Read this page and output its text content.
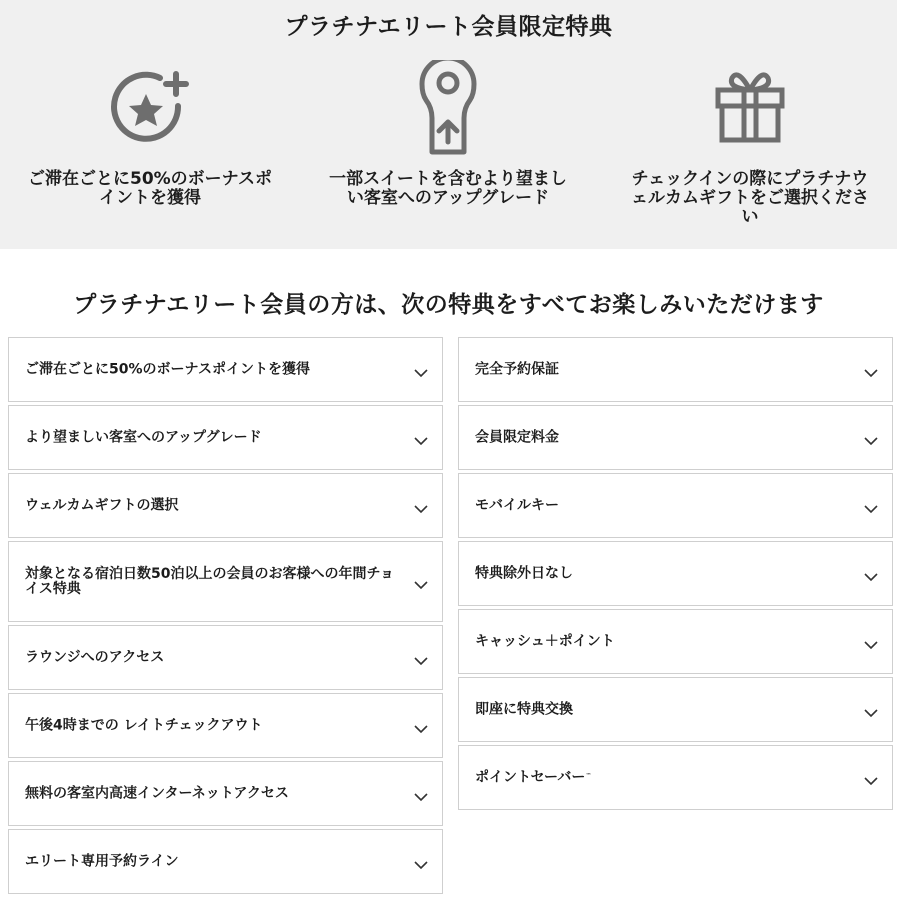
プラチナエリート会員限定特典
ご滞在ごとに50%のボーナスポイントを獲得
一部スイートを含むより望ましい客室へのアップグレード
チェックインの際にプラチナウェルカムギフトをご選択ください
プラチナエリート会員の方は、次の特典をすべてお楽しみいただけます
ご滞在ごとに50%のボーナスポイントを獲得
より望ましい客室へのアップグレード
ウェルカムギフトの選択
対象となる宿泊日数50泊以上の会員のお客様への年間チョイス特典
ラウンジへのアクセス
午後4時までの レイトチェックアウト
無料の客室内高速インターネットアクセス
エリート専用予約ライン
完全予約保証
会員限定料金
モバイルキー
特典除外日なし
キャッシュ＋ポイント
即座に特典交換
ポイントセーバー™
